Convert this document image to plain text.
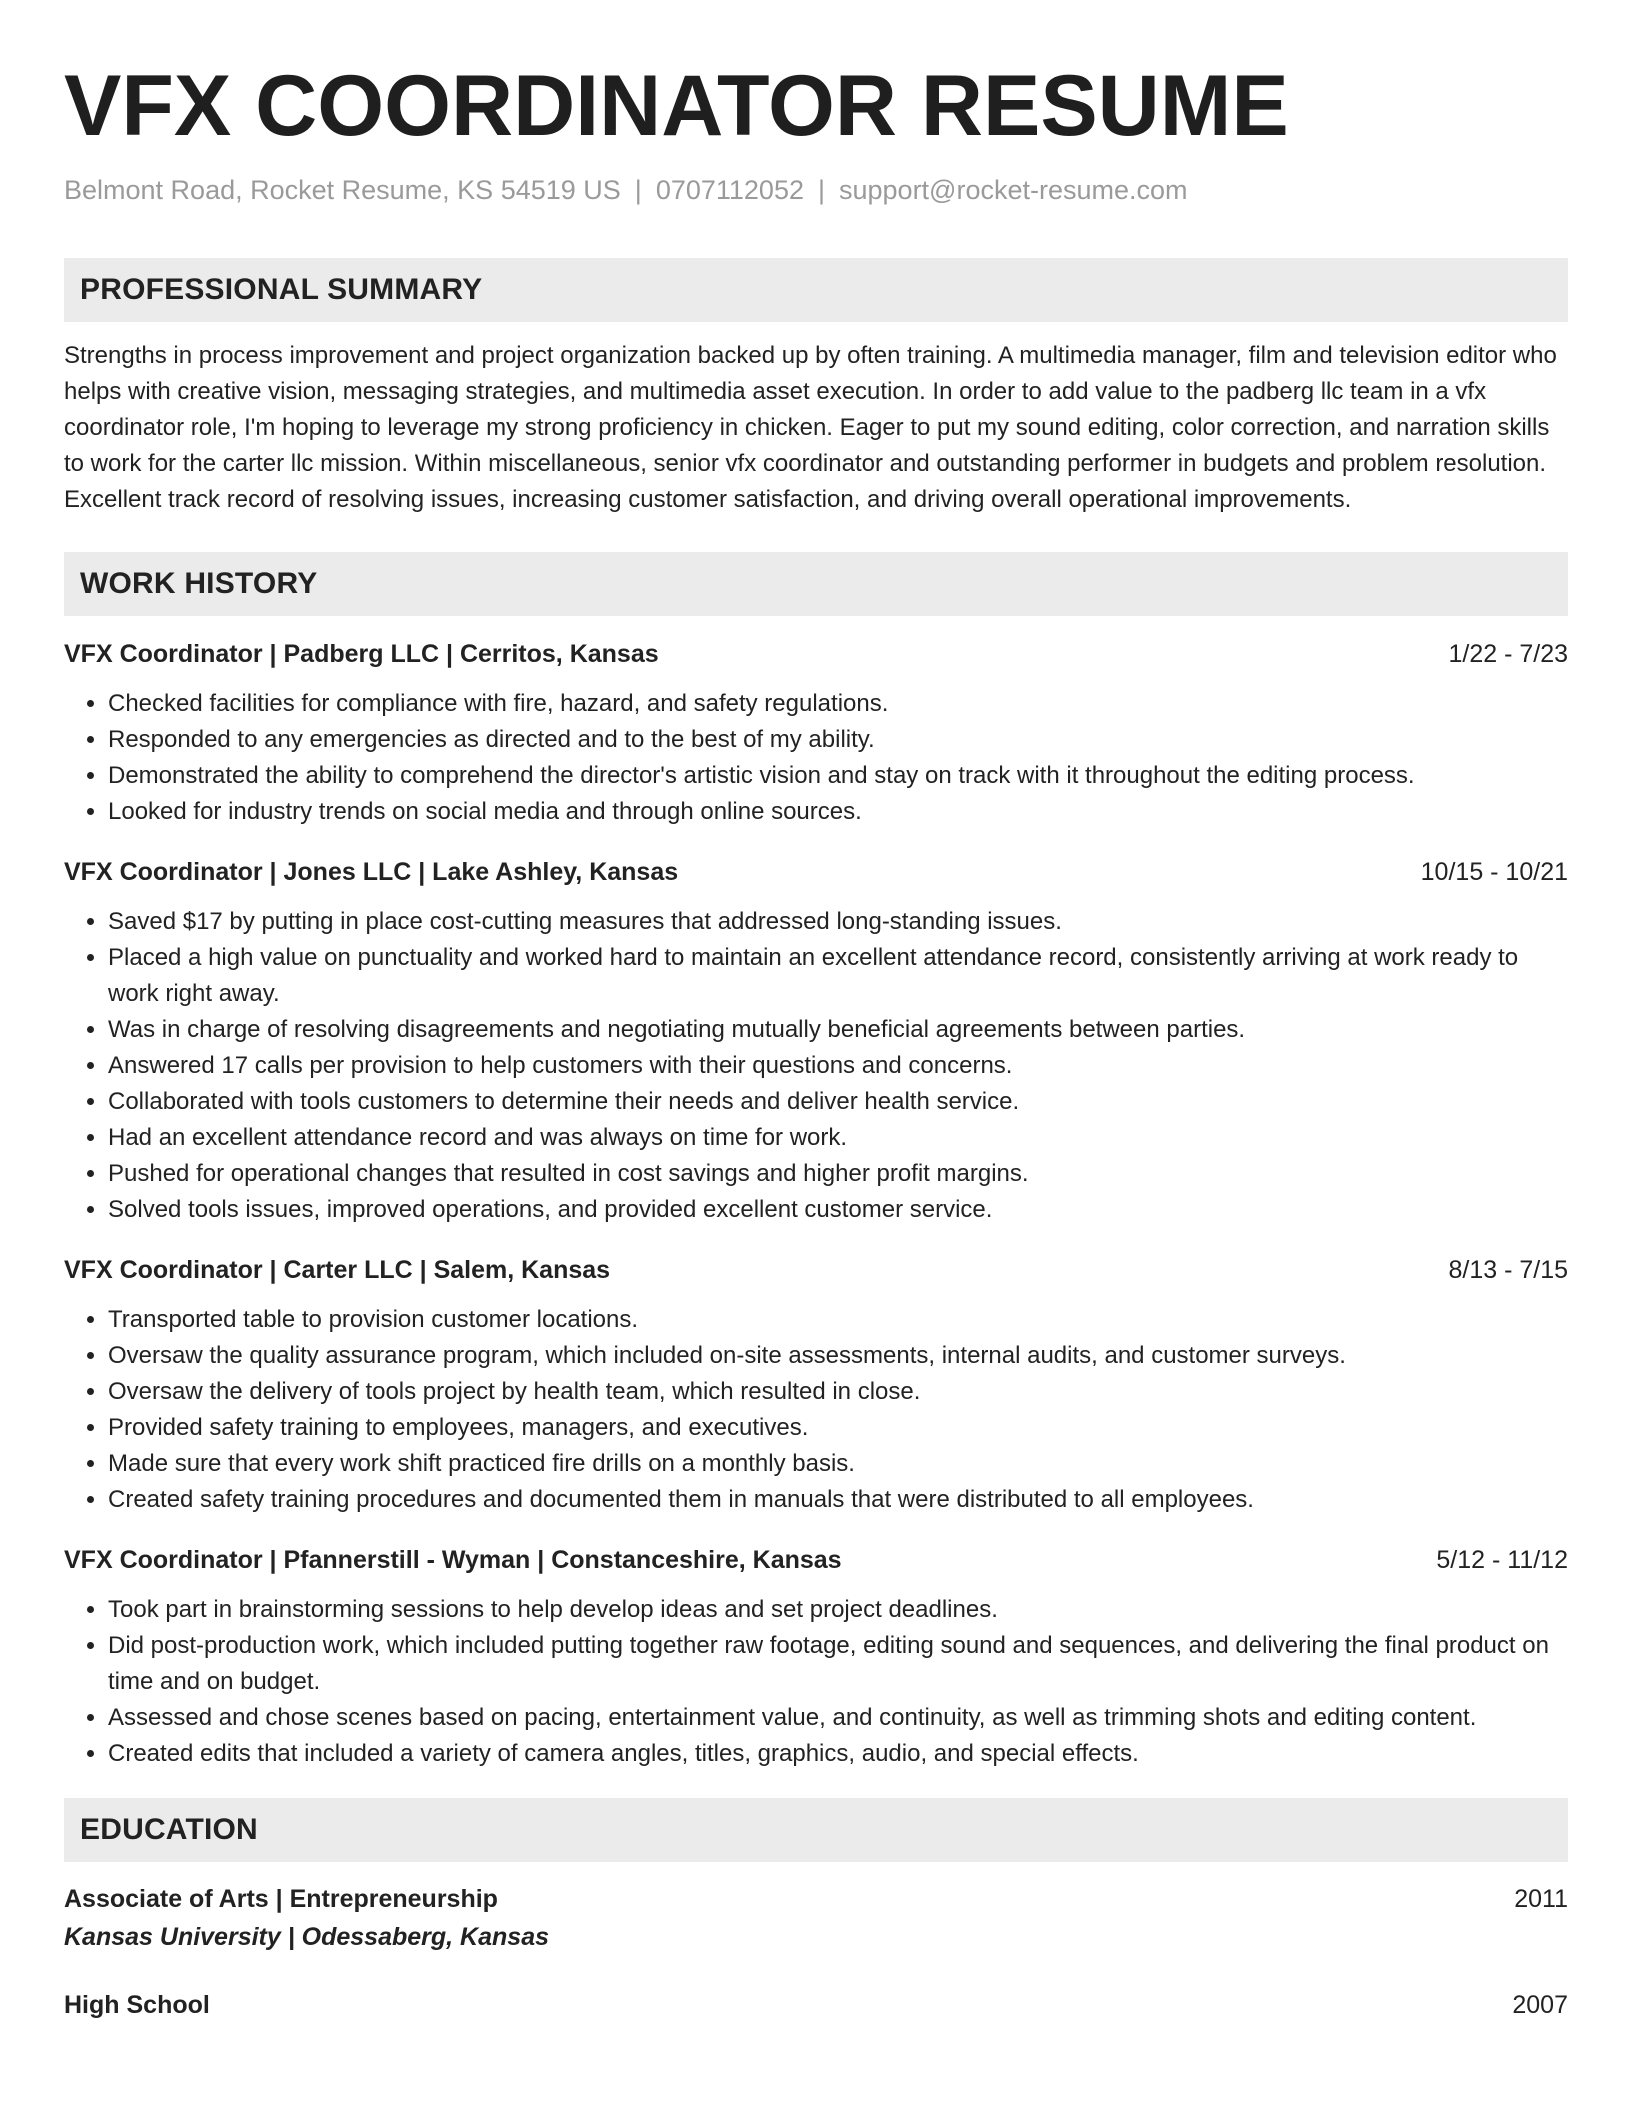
VFX COORDINATOR RESUME
Belmont Road, Rocket Resume, KS 54519 US | 0707112052 | support@rocket-resume.com
PROFESSIONAL SUMMARY
Strengths in process improvement and project organization backed up by often training. A multimedia manager, film and television editor who helps with creative vision, messaging strategies, and multimedia asset execution. In order to add value to the padberg llc team in a vfx coordinator role, I'm hoping to leverage my strong proficiency in chicken. Eager to put my sound editing, color correction, and narration skills to work for the carter llc mission. Within miscellaneous, senior vfx coordinator and outstanding performer in budgets and problem resolution. Excellent track record of resolving issues, increasing customer satisfaction, and driving overall operational improvements.
WORK HISTORY
VFX Coordinator | Padberg LLC | Cerritos, Kansas	1/22 - 7/23
• Checked facilities for compliance with fire, hazard, and safety regulations.
• Responded to any emergencies as directed and to the best of my ability.
• Demonstrated the ability to comprehend the director's artistic vision and stay on track with it throughout the editing process.
• Looked for industry trends on social media and through online sources.
VFX Coordinator | Jones LLC | Lake Ashley, Kansas	10/15 - 10/21
• Saved $17 by putting in place cost-cutting measures that addressed long-standing issues.
• Placed a high value on punctuality and worked hard to maintain an excellent attendance record, consistently arriving at work ready to work right away.
• Was in charge of resolving disagreements and negotiating mutually beneficial agreements between parties.
• Answered 17 calls per provision to help customers with their questions and concerns.
• Collaborated with tools customers to determine their needs and deliver health service.
• Had an excellent attendance record and was always on time for work.
• Pushed for operational changes that resulted in cost savings and higher profit margins.
• Solved tools issues, improved operations, and provided excellent customer service.
VFX Coordinator | Carter LLC | Salem, Kansas	8/13 - 7/15
• Transported table to provision customer locations.
• Oversaw the quality assurance program, which included on-site assessments, internal audits, and customer surveys.
• Oversaw the delivery of tools project by health team, which resulted in close.
• Provided safety training to employees, managers, and executives.
• Made sure that every work shift practiced fire drills on a monthly basis.
• Created safety training procedures and documented them in manuals that were distributed to all employees.
VFX Coordinator | Pfannerstill - Wyman | Constanceshire, Kansas	5/12 - 11/12
• Took part in brainstorming sessions to help develop ideas and set project deadlines.
• Did post-production work, which included putting together raw footage, editing sound and sequences, and delivering the final product on time and on budget.
• Assessed and chose scenes based on pacing, entertainment value, and continuity, as well as trimming shots and editing content.
• Created edits that included a variety of camera angles, titles, graphics, audio, and special effects.
EDUCATION
Associate of Arts | Entrepreneurship	2011
Kansas University | Odessaberg, Kansas
High School	2007
